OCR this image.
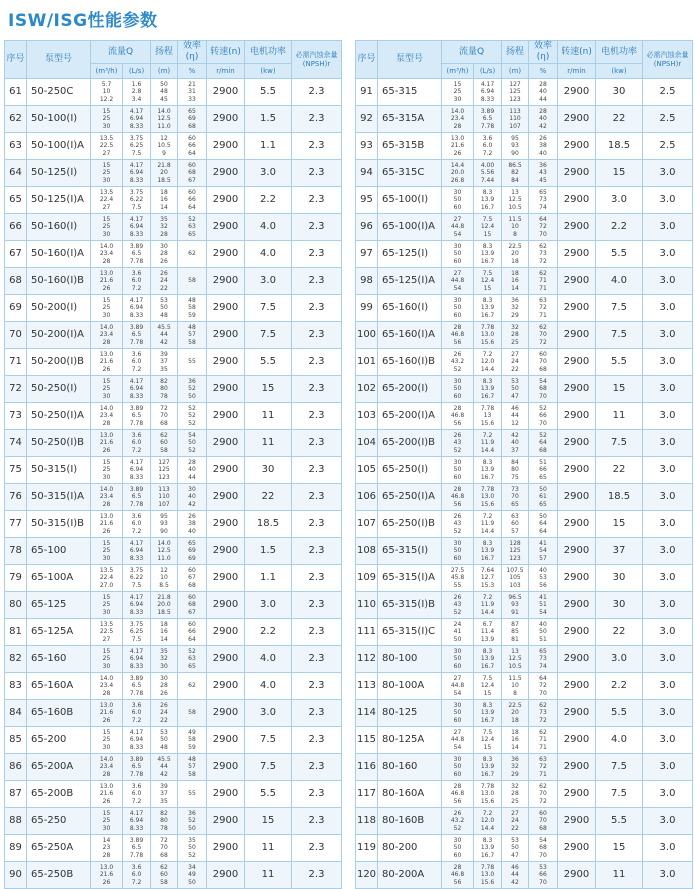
ISW/ISG性能参数
序号	泵型号	流量Q		扬程	效率(η)	转速(n)	电机功率	必需汽蚀余量
(NPSH)r
		(m³/h)	(L/s)	(m)	%	r/min	(kw)	
61	50-250C	5.7
10
12.2	1.6
2.8
3.4	50
48
45	21
31
33	2900	5.5	2.3
62	50-100(I)	15
25
30	4.17
6.94
8.33	14.0
12.5
11.0	65
69
68	2900	1.5	2.3
63	50-100(I)A	13.5
22.5
27	3.75
6.25
7.5	12
10.5
9	60
66
64	2900	1.1	2.3
64	50-125(I)	15
25
30	4.17
6.94
8.33	21.8
20
18.5	60
68
67	2900	3.0	2.3
65	50-125(I)A	13.5
22.4
27	3.75
6.22
7.5	18
16
14	60
66
64	2900	2.2	2.3
66	50-160(I)	15
25
30	4.17
6.94
8.33	35
32
28	52
63
65	2900	4.0	2.3
67	50-160(I)A	14.0
23.4
28	3.89
6.5
7.78	30
28
26	62	2900	4.0	2.3
68	50-160(I)B	13.0
21.6
26	3.6
6.0
7.2	26
24
22	58	2900	3.0	2.3
69	50-200(I)	15
25
30	4.17
6.94
8.33	53
50
48	48
58
59	2900	7.5	2.3
70	50-200(I)A	14.0
23.4
28	3.89
6.5
7.78	45.5
44
42	48
57
58	2900	7.5	2.3
71	50-200(I)B	13.0
21.6
26	3.6
6.0
7.2	39
37
35	55	2900	5.5	2.3
72	50-250(I)	15
25
30	4.17
6.94
8.33	82
80
78	36
52
50	2900	15	2.3
73	50-250(I)A	14.0
23.4
28	3.89
6.5
7.78	72
70
68	52
52
52	2900	11	2.3
74	50-250(I)B	13.0
21.6
26	3.6
6.0
7.2	62
60
58	54
50
52	2900	11	2.3
75	50-315(I)	15
25
30	4.17
6.94
8.33	127
125
123	28
40
44	2900	30	2.3
76	50-315(I)A	14.0
23.4
28	3.89
6.5
7.78	113
110
107	30
40
42	2900	22	2.3
77	50-315(I)B	13.0
21.6
26	3.6
6.0
7.2	95
93
90	26
38
40	2900	18.5	2.3
78	65-100	15
25
30	4.17
6.94
8.33	14.0
12.5
11.0	65
69
69	2900	1.5	2.3
79	65-100A	13.5
22.4
27.0	3.75
6.22
7.5	12
10
8.5	60
67
68	2900	1.1	2.3
80	65-125	15
25
30	4.17
6.94
8.33	21.8
20.0
18.5	60
68
67	2900	3.0	2.3
81	65-125A	13.5
22.5
27	3.75
6.25
7.5	18
16
14	60
66
64	2900	2.2	2.3
82	65-160	15
25
30	4.17
6.94
8.33	35
32
30	52
63
65	2900	4.0	2.3
83	65-160A	14.0
23.4
28	3.89
6.5
7.78	30
28
26	62	2900	4.0	2.3
84	65-160B	13.0
21.6
26	3.6
6.0
7.2	26
24
22	58	2900	3.0	2.3
85	65-200	15
25
30	4.17
6.94
8.33	53
50
48	49
58
59	2900	7.5	2.3
86	65-200A	14.0
23.4
28	3.89
6.5
7.78	45.5
44
42	48
57
58	2900	7.5	2.3
87	65-200B	13.0
21.6
26	3.6
6.0
7.2	39
37
35	55	2900	5.5	2.3
88	65-250	15
25
30	4.17
6.94
8.33	82
80
78	36
52
50	2900	15	2.3
89	65-250A	14
23
28	3.89
6.5
7.78	72
70
68	35
50
52	2900	11	2.3
90	65-250B	13.0
21.6
26	3.6
6.0
7.2	62
60
58	34
49
50	2900	11	2.3
序号	泵型号	流量Q		扬程	效率(η)	转速(n)	电机功率	必需汽蚀余量
(NPSH)r
		(m³/h)	(L/s)	(m)	%	r/min	(kw)	
91	65-315	15
25
30	4.17
6.94
8.33	127
125
123	28
40
44	2900	30	2.5
92	65-315A	14.0
23.4
28	3.89
6.5
7.78	113
110
107	28
40
42	2900	22	2.5
93	65-315B	13.0
21.6
26	3.6
6.0
7.2	95
93
90	26
38
40	2900	18.5	2.5
94	65-315C	14.4
20.0
26.8	4.00
5.56
7.44	86.5
82
84	36
43
45	2900	15	3.0
95	65-100(I)	30
50
60	8.3
13.9
16.7	13
12.5
10.5	65
73
74	2900	3.0	3.0
96	65-100(I)A	27
44.8
54	7.5
12.4
15	11.5
10
8	64
72
70	2900	2.2	3.0
97	65-125(I)	30
50
60	8.3
13.9
16.7	22.5
20
18	62
73
72	2900	5.5	3.0
98	65-125(I)A	27
44.8
54	7.5
12.4
15	18
16
14	62
71
71	2900	4.0	3.0
99	65-160(I)	30
50
60	8.3
13.9
16.7	36
32
29	63
72
71	2900	7.5	3.0
100	65-160(I)A	28
46.8
56	7.78
13.0
15.6	32
28
25	62
70
72	2900	7.5	3.0
101	65-160(I)B	26
43.2
52	7.2
12.0
14.4	27
24
22	60
70
68	2900	5.5	3.0
102	65-200(I)	30
50
60	8.3
13.9
16.7	53
50
47	54
68
70	2900	15	3.0
103	65-200(I)A	28
46.8
56	7.78
13
15.6	46
44
12	52
66
70	2900	11	3.0
104	65-200(I)B	26
43
52	7.2
11.9
14.4	42
40
37	52
64
68	2900	7.5	3.0
105	65-250(I)	30
50
60	8.3
13.9
16.7	84
80
75	51
66
65	2900	22	3.0
106	65-250(I)A	28
46.8
56	7.78
13.0
15.6	73
70
65	50
61
65	2900	18.5	3.0
107	65-250(I)B	26
43
52	7.2
11.9
14.4	63
60
57	50
64
64	2900	15	3.0
108	65-315(I)	30
50
60	8.3
13.9
16.7	128
125
123	41
54
57	2900	37	3.0
109	65-315(I)A	27.5
45.8
55	7.64
12.7
15.3	107.5
105
103	40
53
56	2900	30	3.0
110	65-315(I)B	26
43
52	7.2
11.9
14.4	96.5
93
91	41
51
54	2900	30	3.0
111	65-315(I)C	24
41
50	6.7
11.4
13.9	87
85
81	40
50
51	2900	22	3.0
112	80-100	30
50
60	8.3
13.9
16.7	13
12.5
10.5	65
73
74	2900	3.0	3.0
113	80-100A	27
44.8
54	7.5
12.4
15	11.5
10
8	64
72
70	2900	2.2	3.0
114	80-125	30
50
60	8.3
13.9
16.7	22.5
20
18	62
73
72	2900	5.5	3.0
115	80-125A	27
44.8
54	7.5
12.4
15	18
16
14	62
71
71	2900	4.0	3.0
116	80-160	30
50
60	8.3
13.9
16.7	36
32
29	63
72
71	2900	7.5	3.0
117	80-160A	28
46.8
56	7.78
13.0
15.6	32
28
25	62
70
72	2900	7.5	3.0
118	80-160B	26
43.2
52	7.2
12.0
14.4	27
24
22	60
70
68	2900	5.5	3.0
119	80-200	30
50
60	8.3
13.9
16.7	53
50
47	54
68
70	2900	15	3.0
120	80-200A	28
46.8
56	7.78
13.0
15.6	46
44
42	53
66
70	2900	11	3.0
